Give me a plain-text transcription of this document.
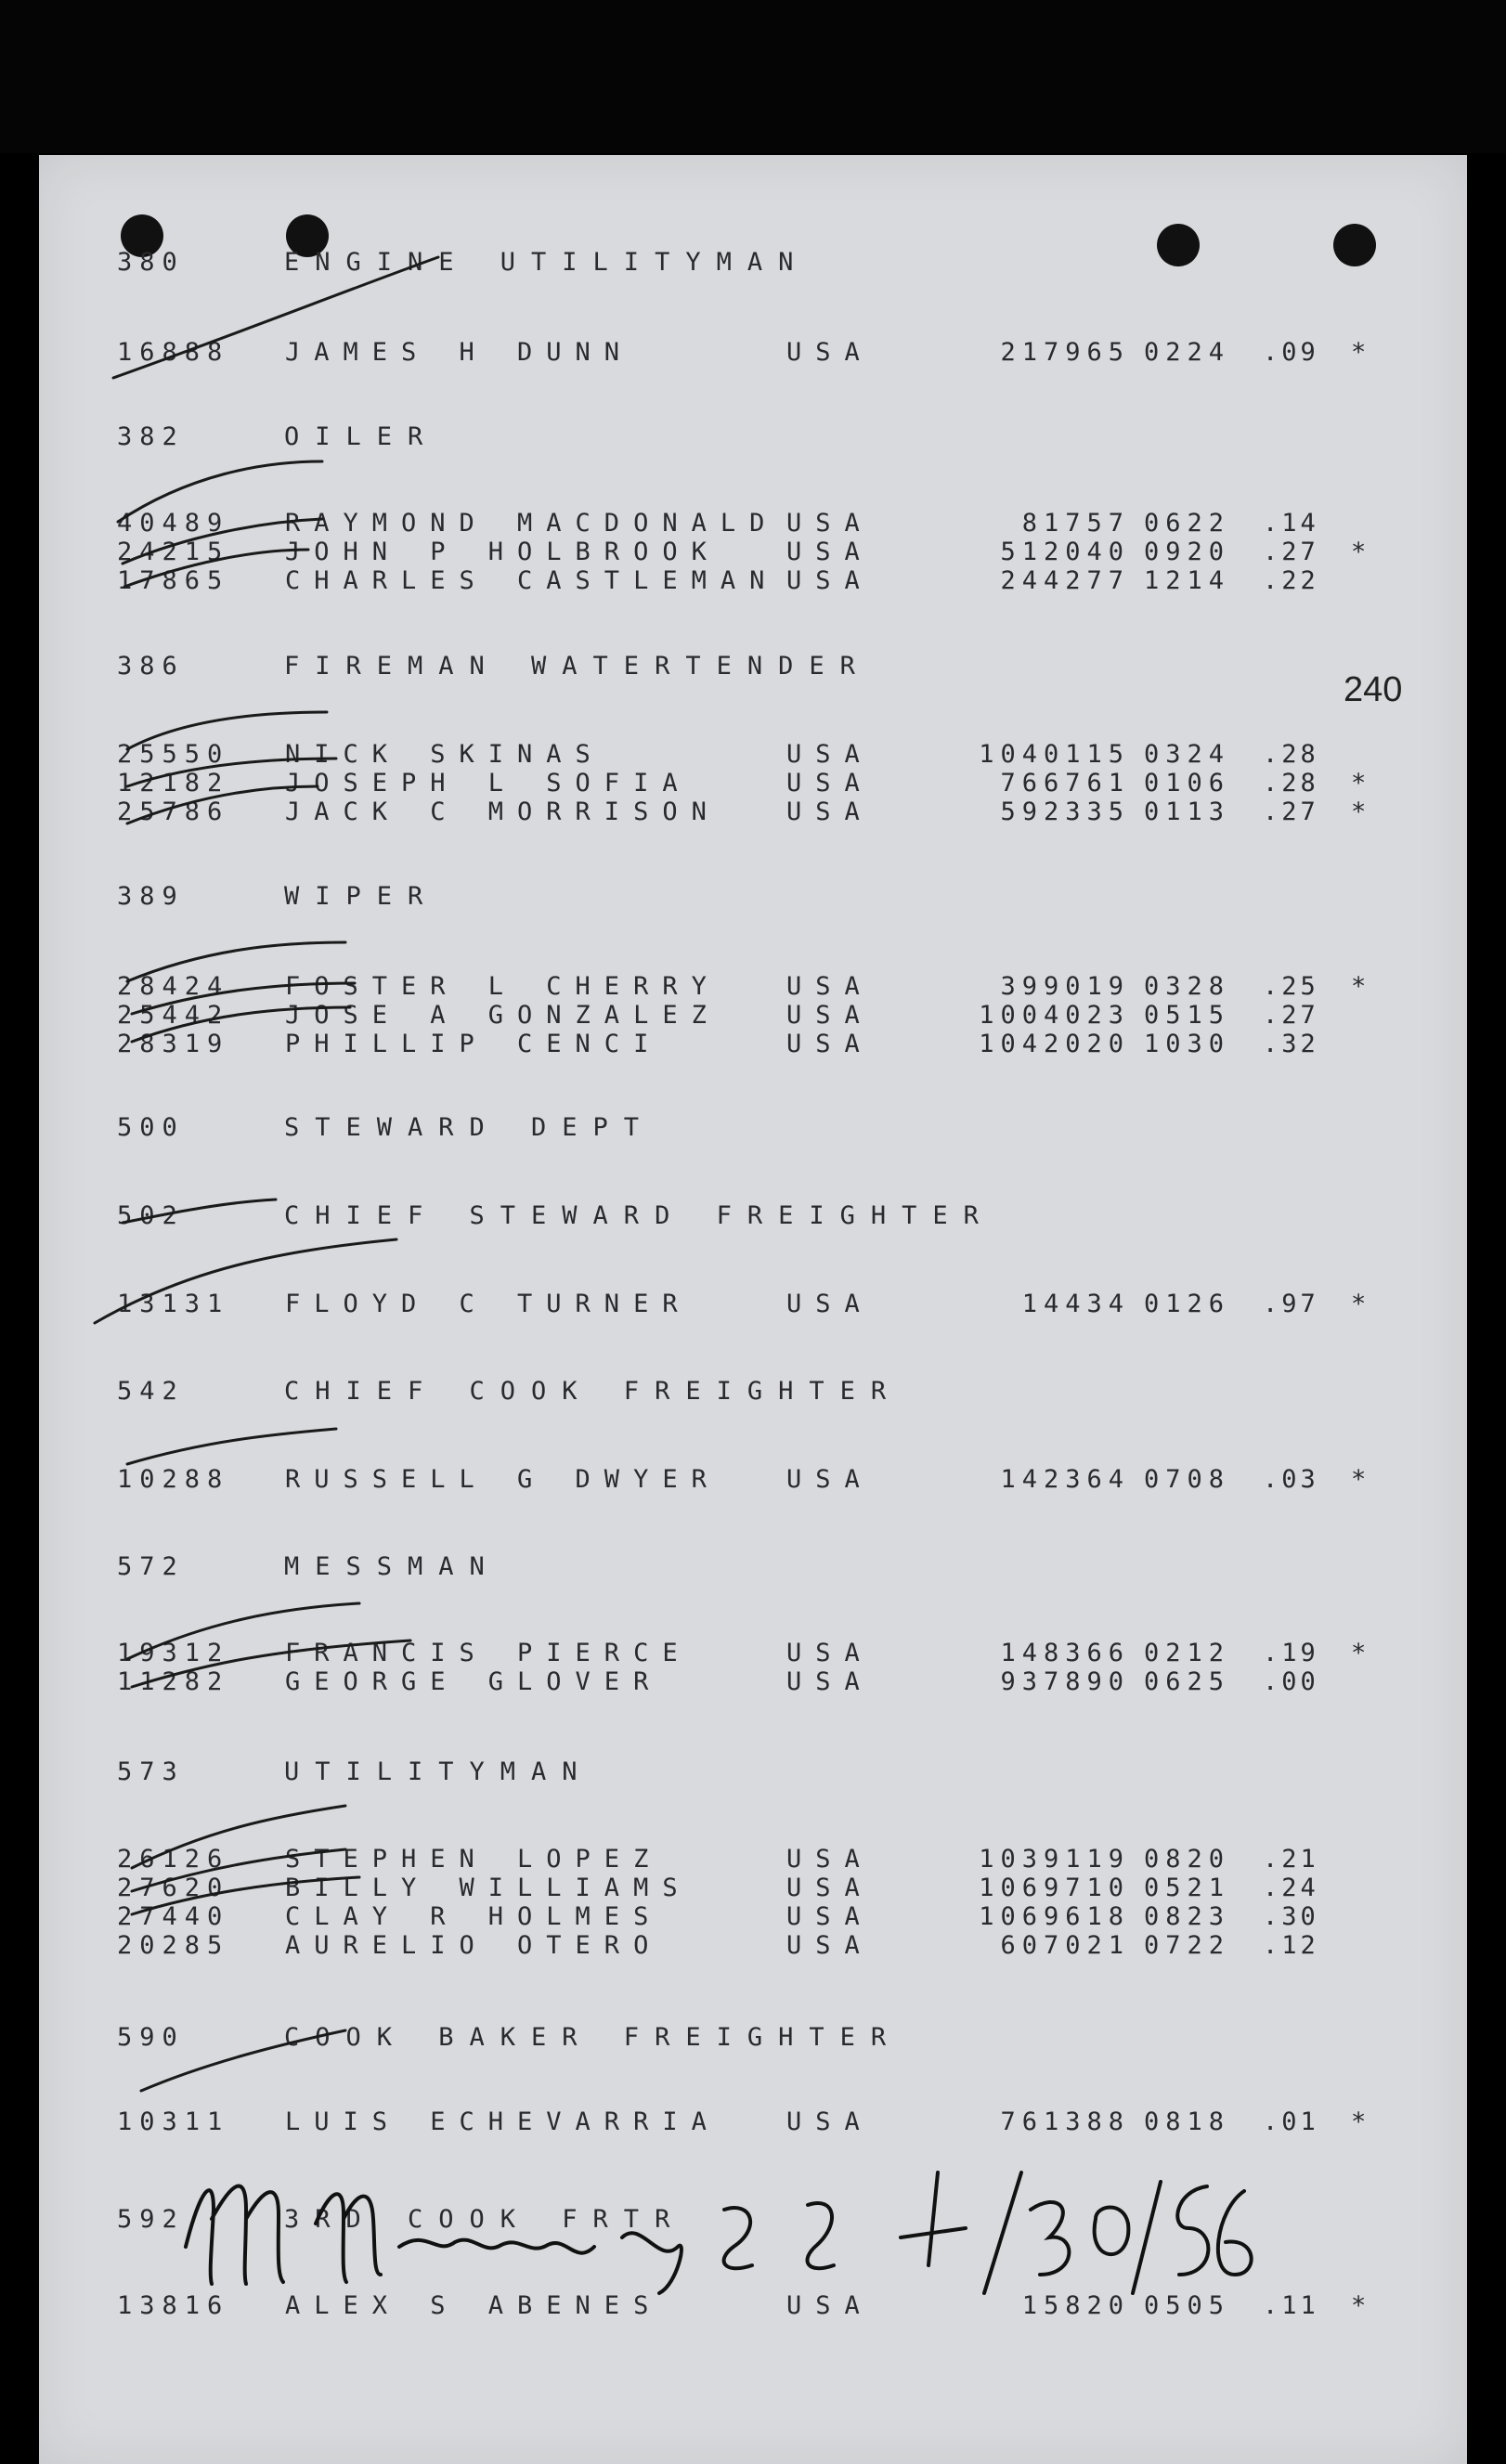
240
380	ENGINE UTILITYMAN
16888 JAMES H DUNN	USA	217965 0224 .09 *
382	OILER
40489 RAYMOND MACDONALD USA	81757 0622 .14
24215 JOHN P HOLBROOK	USA	512040 0920 .27 *
17865 CHARLES CASTLEMAN USA	244277 1214 .22
386	FIREMAN WATERTENDER
25550 NICK SKINAS	USA	1040115 0324 .28
12182 JOSEPH L SOFIA	USA	766761 0106 .28 *
25786 JACK C MORRISON	USA	592335 0113 .27 *
389	WIPER
28424 FOSTER L CHERRY	USA	399019 0328 .25 *
25442 JOSE A GONZALEZ	USA	1004023 0515 .27
28319 PHILLIP CENCI	USA	1042020 1030 .32
500	STEWARD DEPT
502	CHIEF STEWARD FREIGHTER
13131 FLOYD C TURNER	USA	14434 0126 .97 *
542	CHIEF COOK FREIGHTER
10288 RUSSELL G DWYER	USA	142364 0708 .03 *
572	MESSMAN
19312 FRANCIS PIERCE	USA	148366 0212 .19 *
11282 GEORGE GLOVER	USA	937890 0625 .00
573	UTILITYMAN
26126 STEPHEN LOPEZ	USA	1039119 0820 .21
27620 BILLY WILLIAMS	USA	1069710 0521 .24
27440 CLAY R HOLMES	USA	1069618 0823 .30
20285 AURELIO OTERO	USA	607021 0722 .12
590	COOK BAKER FREIGHTER
10311 LUIS ECHEVARRIA	USA	761388 0818 .01 *
592	3RD COOK FRTR
13816 ALEX S ABENES	USA	15820 0505 .11 *
